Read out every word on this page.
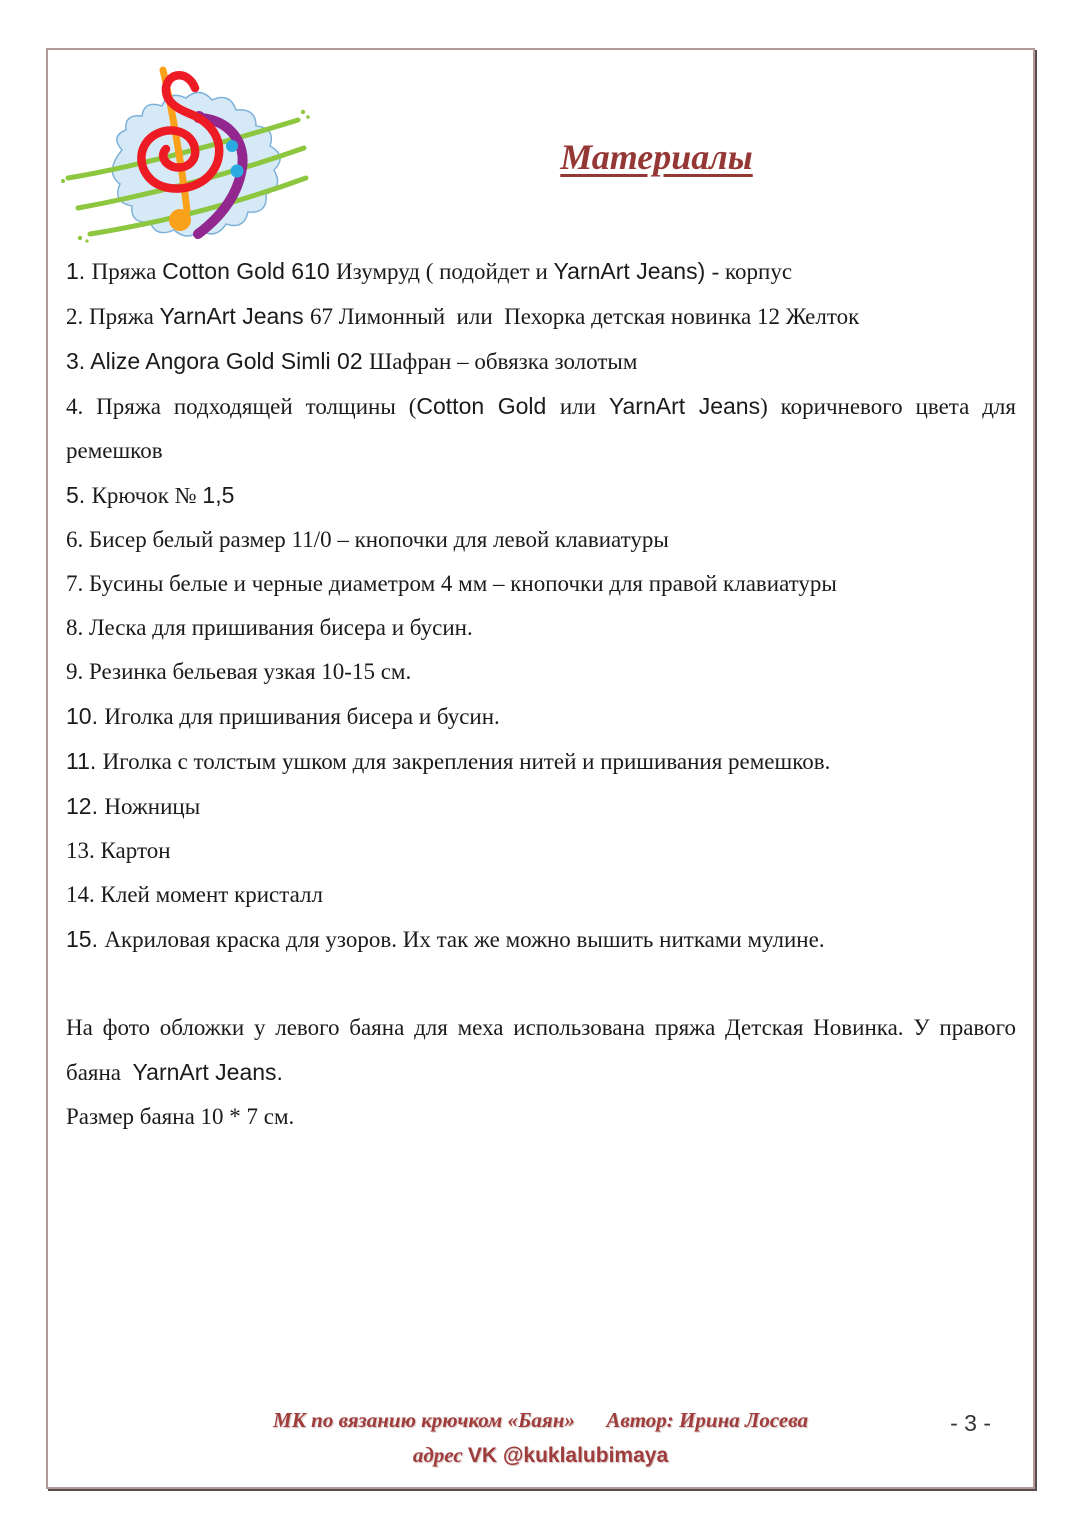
Материалы
1. Пряжа Cotton Gold 610 Изумруд ( подойдет и YarnArt Jeans) - корпус
2. Пряжа YarnArt Jeans 67 Лимонный  или  Пехорка детская новинка 12 Желток
3. Alize Angora Gold Simli 02 Шафран – обвязка золотым
4. Пряжа подходящей толщины (Cotton Gold или YarnArt Jeans) коричневого цвета для ремешков
5. Крючок № 1,5
6. Бисер белый размер 11/0 – кнопочки для левой клавиатуры
7. Бусины белые и черные диаметром 4 мм – кнопочки для правой клавиатуры
8. Леска для пришивания бисера и бусин.
9. Резинка бельевая узкая 10-15 см.
10. Иголка для пришивания бисера и бусин.
11. Иголка с толстым ушком для закрепления нитей и пришивания ремешков.
12. Ножницы
13. Картон
14. Клей момент кристалл
15. Акриловая краска для узоров. Их так же можно вышить нитками мулине.
На фото обложки у левого баяна для меха использована пряжа Детская Новинка. У правого баяна  YarnArt Jeans.
Размер баяна 10 * 7 см.
МК по вязанию крючком «Баян»      Автор: Ирина Лосева
адрес VK @kuklalubimaya
- 3 -
